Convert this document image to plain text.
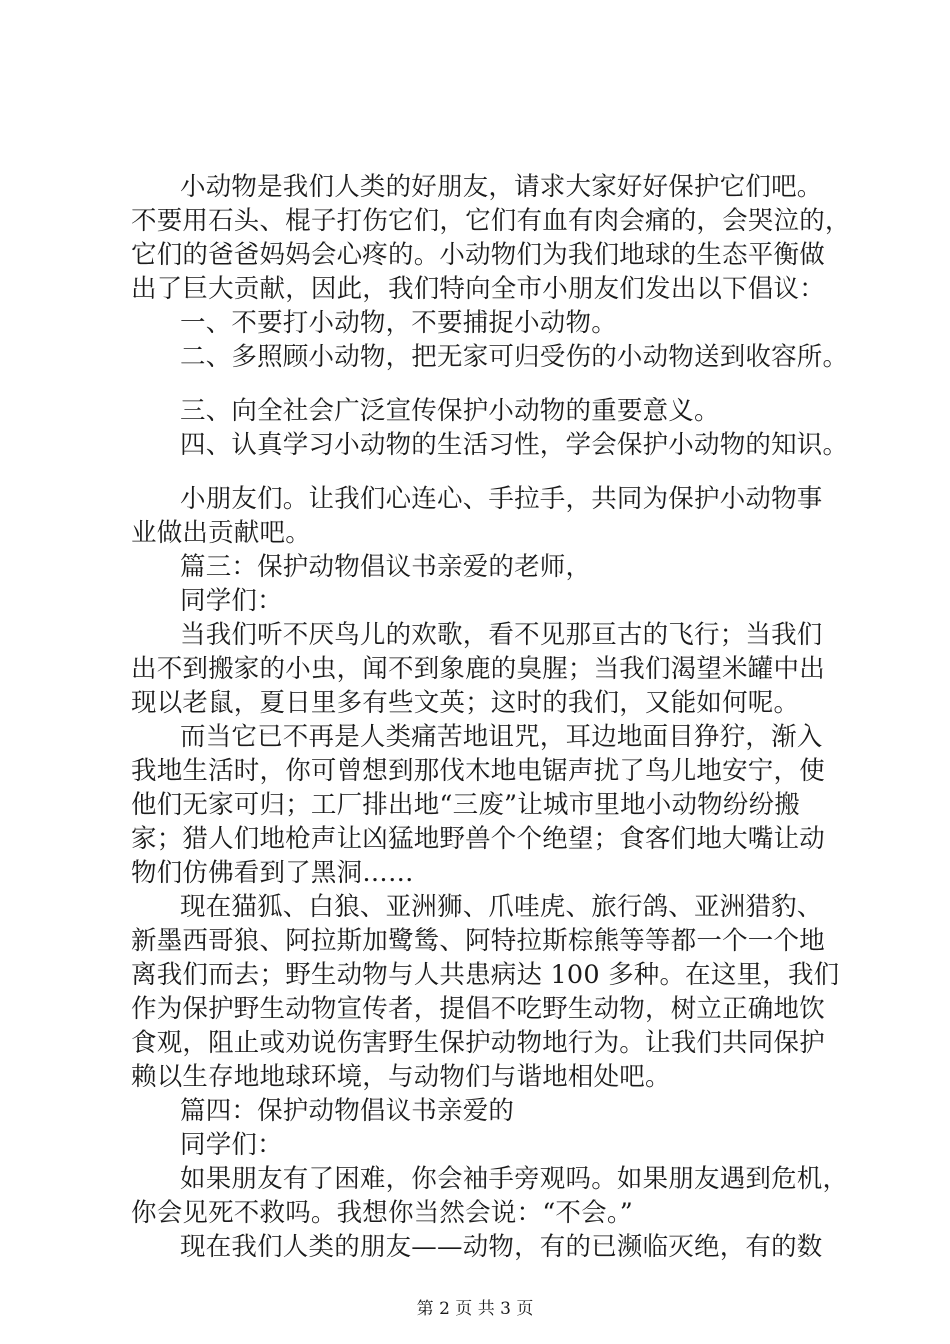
小动物是我们人类的好朋友，请求大家好好保护它们吧。
不要用石头、棍子打伤它们，它们有血有肉会痛的，会哭泣的，
它们的爸爸妈妈会心疼的。小动物们为我们地球的生态平衡做
出了巨大贡献，因此，我们特向全市小朋友们发出以下倡议：
一、不要打小动物，不要捕捉小动物。
二、多照顾小动物，把无家可归受伤的小动物送到收容所。
三、向全社会广泛宣传保护小动物的重要意义。
四、认真学习小动物的生活习性，学会保护小动物的知识。
小朋友们。让我们心连心、手拉手，共同为保护小动物事
业做出贡献吧。
篇三：保护动物倡议书亲爱的老师，
同学们：
当我们听不厌鸟儿的欢歌，看不见那亘古的飞行；当我们
出不到搬家的小虫，闻不到象鹿的臭腥；当我们渴望米罐中出
现以老鼠，夏日里多有些文英；这时的我们，又能如何呢。
而当它已不再是人类痛苦地诅咒，耳边地面目狰狞，渐入
我地生活时，你可曾想到那伐木地电锯声扰了鸟儿地安宁，使
他们无家可归；工厂排出地“三废”让城市里地小动物纷纷搬
家；猎人们地枪声让凶猛地野兽个个绝望；食客们地大嘴让动
物们仿佛看到了黑洞……
现在猫狐、白狼、亚洲狮、爪哇虎、旅行鸽、亚洲猎豹、
新墨西哥狼、阿拉斯加鹭鸶、阿特拉斯棕熊等等都一个一个地
离我们而去；野生动物与人共患病达 100 多种。在这里，我们
作为保护野生动物宣传者，提倡不吃野生动物，树立正确地饮
食观，阻止或劝说伤害野生保护动物地行为。让我们共同保护
赖以生存地地球环境，与动物们与谐地相处吧。
篇四：保护动物倡议书亲爱的
同学们：
如果朋友有了困难，你会袖手旁观吗。如果朋友遇到危机，
你会见死不救吗。我想你当然会说：“不会。”
现在我们人类的朋友——动物，有的已濒临灭绝，有的数
第 2 页 共 3 页
